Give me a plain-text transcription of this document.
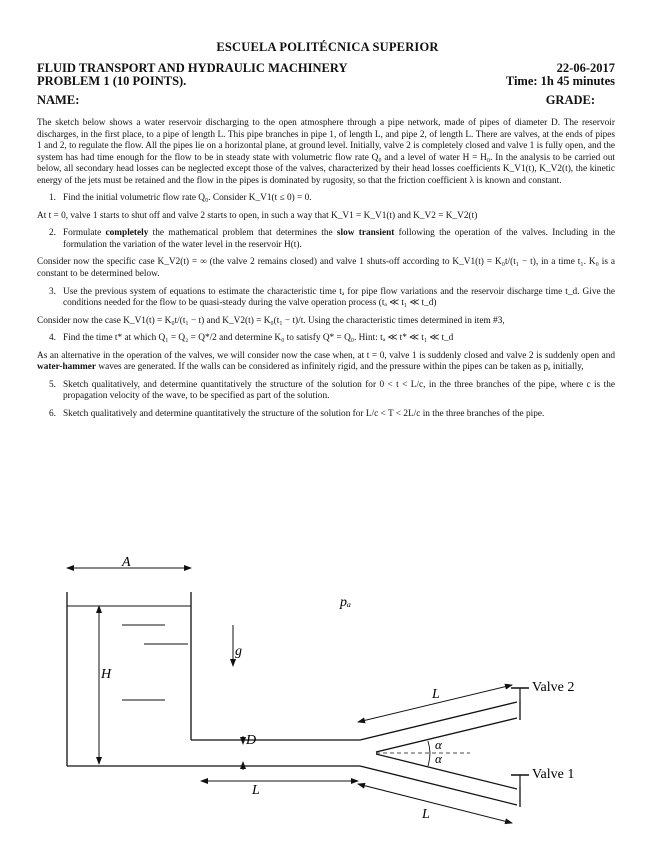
ESCUELA POLITÉCNICA SUPERIOR
FLUID TRANSPORT AND HYDRAULIC MACHINERY	22-06-2017
PROBLEM 1 (10 POINTS).	Time: 1h 45 minutes
NAME:	GRADE:

The sketch below shows a water reservoir discharging to the open atmosphere through a pipe network, made of pipes of diameter D. The reservoir discharges, in the first place, to a pipe of length L. This pipe branches in pipe 1, of length L, and pipe 2, of length L. There are valves, at the ends of pipes 1 and 2, to regulate the flow. All the pipes lie on a horizontal plane, at ground level. Initially, valve 2 is completely closed and valve 1 is fully open, and the system has had time enough for the flow to be in steady state with volumetric flow rate Q₀ and a level of water H = H₀. In the analysis to be carried out below, all secondary head losses can be neglected except those of the valves, characterized by their head losses coefficients K_V1(t), K_V2(t), the kinetic energy of the jets must be retained and the flow in the pipes is dominated by rugosity, so that the friction coefficient λ is known and constant.

1. Find the initial volumetric flow rate Q₀. Consider K_V1(t ≤ 0) = 0.

At t = 0, valve 1 starts to shut off and valve 2 starts to open, in such a way that K_V1 = K_V1(t) and K_V2 = K_V2(t)

2. Formulate completely the mathematical problem that determines the slow transient following the operation of the valves. Including in the formulation the variation of the water level in the reservoir H(t).

Consider now the specific case K_V2(t) = ∞ (the valve 2 remains closed) and valve 1 shuts-off according to K_V1(t) = K₀t/(t₁ − t), in a time t₁. K₀ is a constant to be determined below.

3. Use the previous system of equations to estimate the characteristic time tₐ for pipe flow variations and the reservoir discharge time t_d. Give the conditions needed for the flow to be quasi-steady during the valve operation process (tₐ ≪ t₁ ≪ t_d)

Consider now the case K_V1(t) = K₀t/(t₁ − t) and K_V2(t) = K₀(t₁ − t)/t. Using the characteristic times determined in item #3,

4. Find the time t* at which Q₁ = Q₂ = Q*/2 and determine K₀ to satisfy Q* = Q₀. Hint: tₐ ≪ t* ≪ t₁ ≪ t_d

As an alternative in the operation of the valves, we will consider now the case when, at t = 0, valve 1 is suddenly closed and valve 2 is suddenly open and water-hammer waves are generated. If the walls can be considered as infinitely rigid, and the pressure within the pipes can be taken as pₐ initially,

5. Sketch qualitatively, and determine quantitatively the structure of the solution for 0 < t < L/c, in the three branches of the pipe, where c is the propagation velocity of the wave, to be specified as part of the solution.
6. Sketch qualitatively and determine quantitatively the structure of the solution for L/c < T < 2L/c in the three branches of the pipe.
A
H
g
pₐ
D
L
α
α
L
L
Valve 2
Valve 1
